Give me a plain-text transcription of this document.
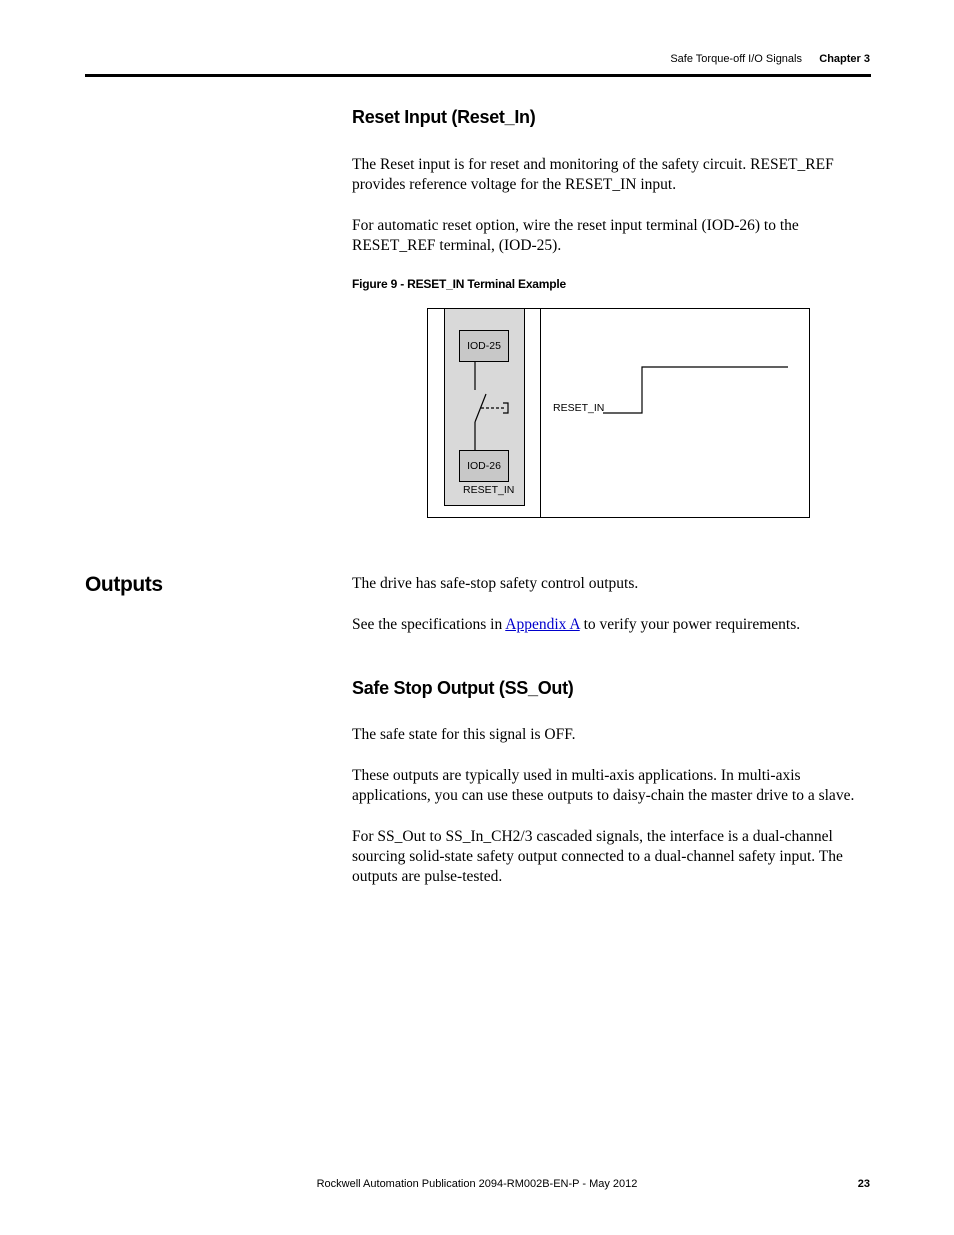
Safe Torque-off I/O Signals Chapter 3
Reset Input (Reset_In)
The Reset input is for reset and monitoring of the safety circuit. RESET_REF provides reference voltage for the RESET_IN input.
For automatic reset option, wire the reset input terminal (IOD-26) to the RESET_REF terminal, (IOD-25).
Figure 9 - RESET_IN Terminal Example
IOD-25
IOD-26
RESET_IN
RESET_IN
Outputs	The drive has safe-stop safety control outputs.
See the specifications in Appendix A to verify your power requirements.
Safe Stop Output (SS_Out)
The safe state for this signal is OFF.
These outputs are typically used in multi-axis applications. In multi-axis applications, you can use these outputs to daisy-chain the master drive to a slave.
For SS_Out to SS_In_CH2/3 cascaded signals, the interface is a dual-channel sourcing solid-state safety output connected to a dual-channel safety input. The outputs are pulse-tested.
Rockwell Automation Publication 2094-RM002B-EN-P - May 2012	23
